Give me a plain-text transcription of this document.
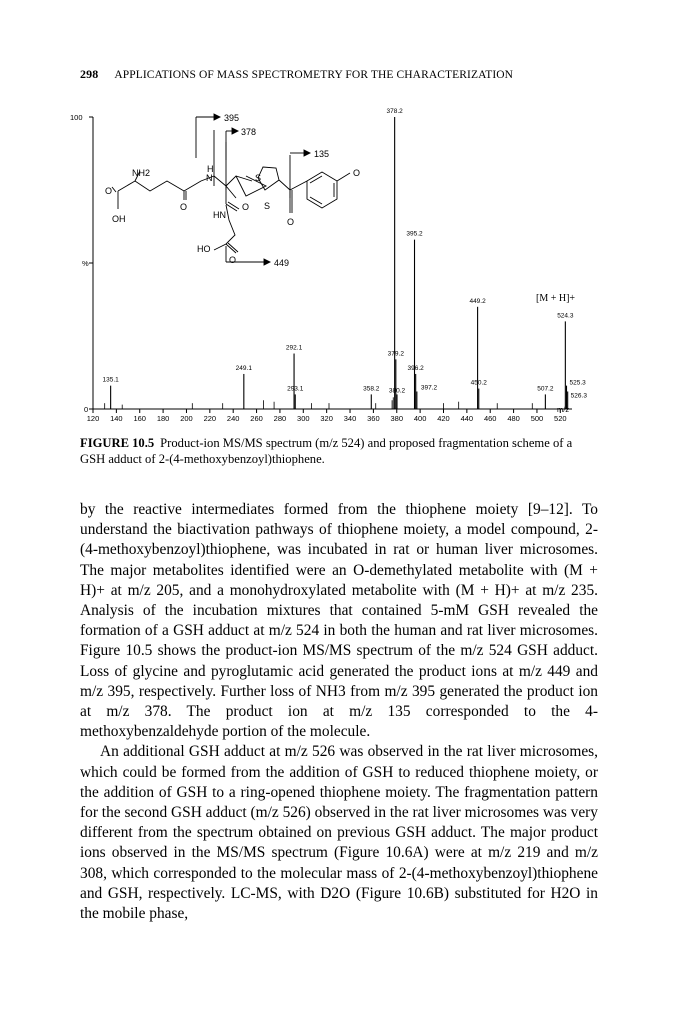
298 APPLICATIONS OF MASS SPECTROMETRY FOR THE CHARACTERIZATION
100
%
0	m/z
120 140 160 180 200 220 240 260 280 300 320 340 360 380 400 420 440 460 480 500 520
135.1
249.1
292.1
293.1	358.2
378.2
379.2
380.2
395.2
396.2
397.2
449.2
450.2
507.2
524.3
525.3
526.3
[M + H]+
395
378
135
449
NH2
O
OH
H
N
O
S
O S
HN
O
HO
O
O
FIGURE 10.5 Product-ion MS/MS spectrum (m/z 524) and proposed fragmentation scheme of a GSH adduct of 2-(4-methoxybenzoyl)thiophene.

by the reactive intermediates formed from the thiophene moiety [9–12]. To understand the biactivation pathways of thiophene moiety, a model compound, 2-(4-methoxybenzoyl)thiophene, was incubated in rat or human liver microsomes. The major metabolites identified were an O-demethylated metabolite with (M + H)+ at m/z 205, and a monohydroxylated metabolite with (M + H)+ at m/z 235. Analysis of the incubation mixtures that contained 5-mM GSH revealed the formation of a GSH adduct at m/z 524 in both the human and rat liver microsomes. Figure 10.5 shows the product-ion MS/MS spectrum of the m/z 524 GSH adduct. Loss of glycine and pyroglutamic acid generated the product ions at m/z 449 and m/z 395, respectively. Further loss of NH3 from m/z 395 generated the product ion at m/z 378. The product ion at m/z 135 corresponded to the 4-methoxybenzaldehyde portion of the molecule.

An additional GSH adduct at m/z 526 was observed in the rat liver microsomes, which could be formed from the addition of GSH to reduced thiophene moiety, or the addition of GSH to a ring-opened thiophene moiety. The fragmentation pattern for the second GSH adduct (m/z 526) observed in the rat liver microsomes was very different from the spectrum obtained on previous GSH adduct. The major product ions observed in the MS/MS spectrum (Figure 10.6A) were at m/z 219 and m/z 308, which corresponded to the molecular mass of 2-(4-methoxybenzoyl)thiophene and GSH, respectively. LC-MS, with D2O (Figure 10.6B) substituted for H2O in the mobile phase,
